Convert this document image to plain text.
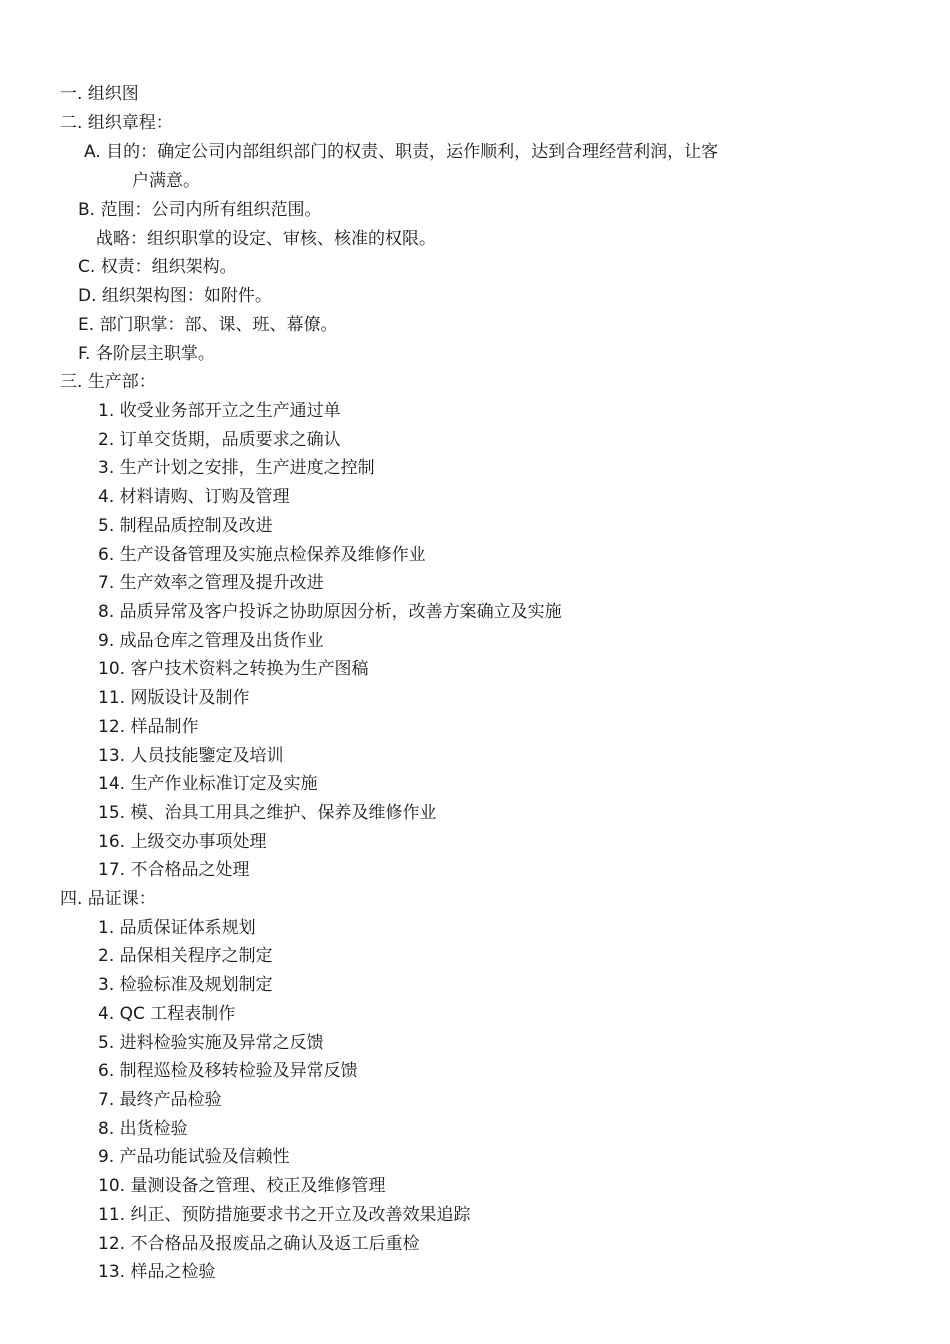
一. 组织图
二. 组织章程：
A. 目的：确定公司内部组织部门的权责、职责，运作顺利，达到合理经营利润，让客
户满意。
B. 范围：公司内所有组织范围。
战略：组织职掌的设定、审核、核准的权限。
C. 权责：组织架构。
D. 组织架构图：如附件。
E. 部门职掌：部、课、班、幕僚。
F. 各阶层主职掌。
三. 生产部：
1. 收受业务部开立之生产通过单
2. 订单交货期，品质要求之确认
3. 生产计划之安排，生产进度之控制
4. 材料请购、订购及管理
5. 制程品质控制及改进
6. 生产设备管理及实施点检保养及维修作业
7. 生产效率之管理及提升改进
8. 品质异常及客户投诉之协助原因分析，改善方案确立及实施
9. 成品仓库之管理及出货作业
10. 客户技术资料之转换为生产图稿
11. 网版设计及制作
12. 样品制作
13. 人员技能鑒定及培训
14. 生产作业标准订定及实施
15. 模、治具工用具之维护、保养及维修作业
16. 上级交办事项处理
17. 不合格品之处理
四. 品证课：
1. 品质保证体系规划
2. 品保相关程序之制定
3. 检验标准及规划制定
4. QC 工程表制作
5. 进料检验实施及异常之反馈
6. 制程巡检及移转检验及异常反馈
7. 最终产品检验
8. 出货检验
9. 产品功能试验及信赖性
10. 量测设备之管理、校正及维修管理
11. 纠正、预防措施要求书之开立及改善效果追踪
12. 不合格品及报废品之确认及返工后重检
13. 样品之检验
